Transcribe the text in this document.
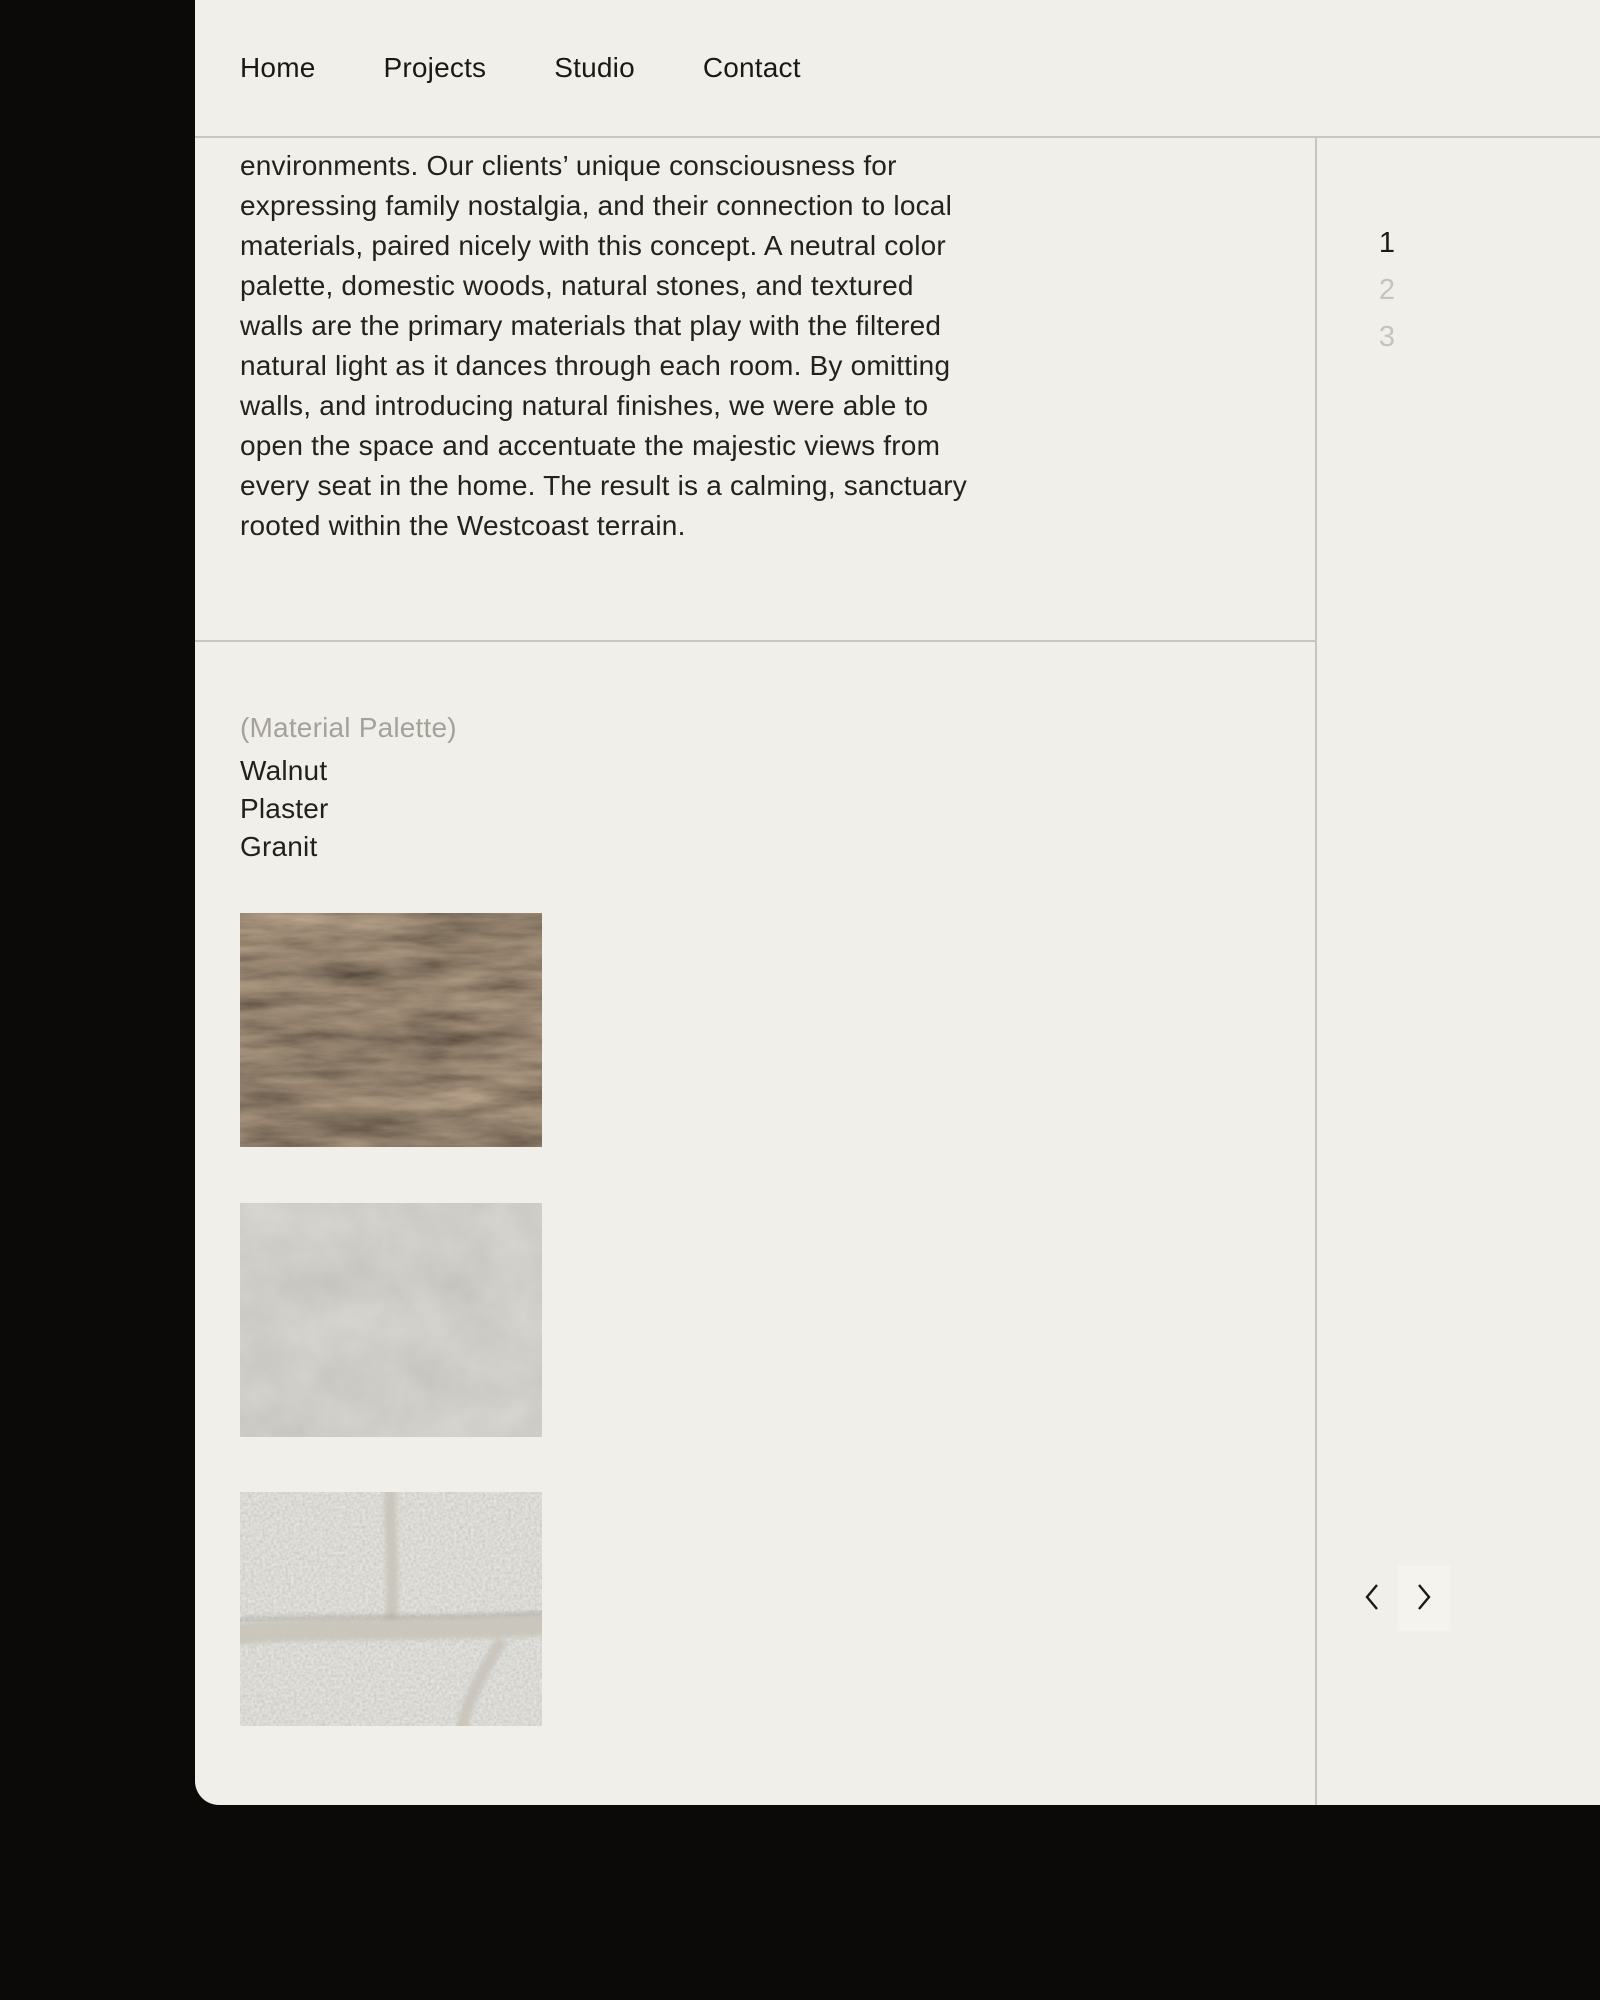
Home Projects Studio Contact

environments. Our clients’ unique consciousness for expressing family nostalgia, and their connection to local materials, paired nicely with this concept. A neutral color palette, domestic woods, natural stones, and textured walls are the primary materials that play with the filtered natural light as it dances through each room. By omitting walls, and introducing natural finishes, we were able to open the space and accentuate the majestic views from every seat in the home. The result is a calming, sanctuary rooted within the Westcoast terrain.

(Material Palette)
Walnut
Plaster
Granit
1
2
3
